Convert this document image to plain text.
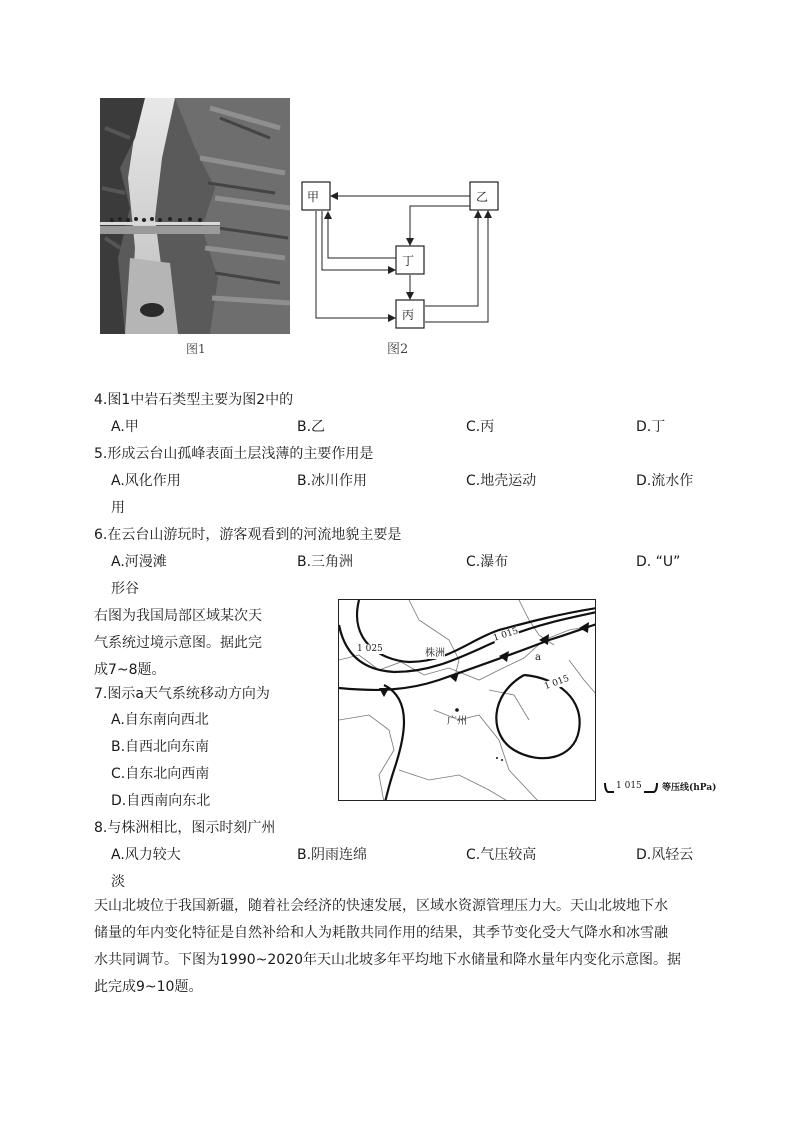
图1
甲	乙
丁
丙
图2
4.图1中岩石类型主要为图2中的
A.甲	B.乙	C.丙	D.丁
5.形成云台山孤峰表面土层浅薄的主要作用是
A.风化作用	B.冰川作用	C.地壳运动	D.流水作
用
6.在云台山游玩时，游客观看到的河流地貌主要是
A.河漫滩	B.三角洲	C.瀑布	D. “U”
形谷
右图为我国局部区域某次天
气系统过境示意图。据此完
成7~8题。
7.图示a天气系统移动方向为
A.自东南向西北
B.自西北向东南
C.自东北向西南
D.自西南向东北
1 025
1 015
1 015
株洲
广州
a
1 015 等压线(hPa)
8.与株洲相比，图示时刻广州
A.风力较大	B.阴雨连绵	C.气压较高	D.风轻云
淡
天山北坡位于我国新疆，随着社会经济的快速发展，区域水资源管理压力大。天山北坡地下水
储量的年内变化特征是自然补给和人为耗散共同作用的结果，其季节变化受大气降水和冰雪融
水共同调节。下图为1990~2020年天山北坡多年平均地下水储量和降水量年内变化示意图。据
此完成9~10题。
